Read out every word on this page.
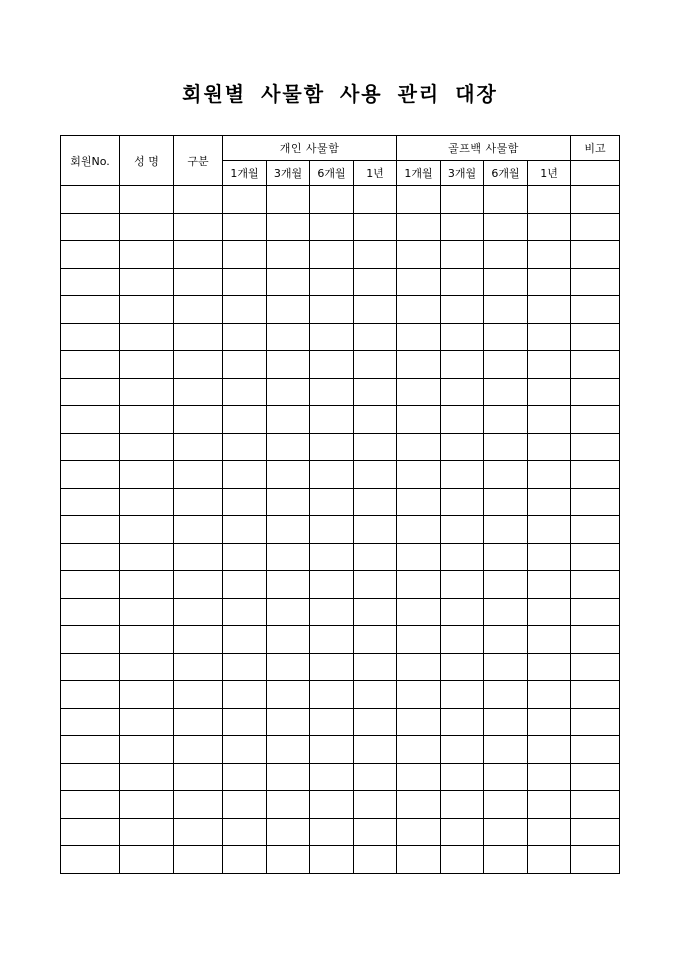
회원별 사물함 사용 관리 대장
회원No.	성 명	구분	개인 사물함				골프백 사물함				비고
			1개월	3개월	6개월	1년	1개월	3개월	6개월	1년	
